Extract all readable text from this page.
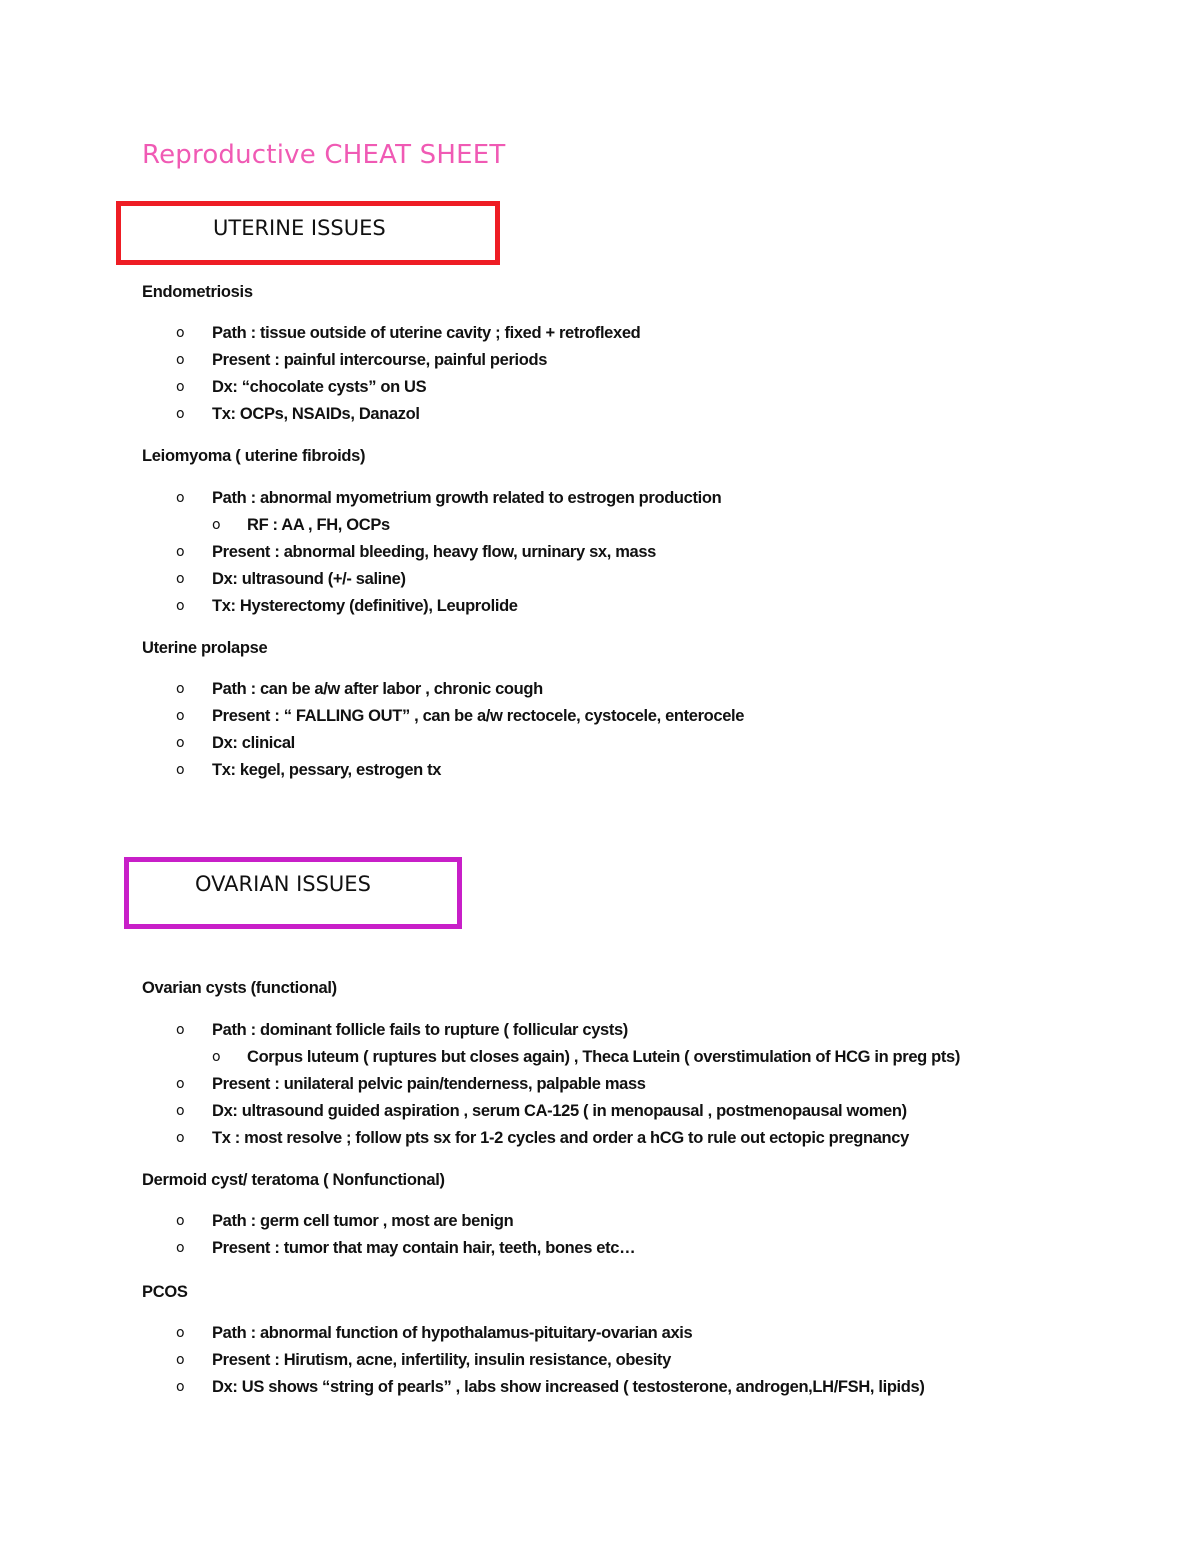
Reproductive CHEAT SHEET
UTERINE ISSUES
Endometriosis
o Path : tissue outside of uterine cavity ; fixed + retroflexed
o Present : painful intercourse, painful periods
o Dx: “chocolate cysts” on US
o Tx: OCPs, NSAIDs, Danazol
Leiomyoma ( uterine fibroids)
o Path : abnormal myometrium growth related to estrogen production
o RF : AA , FH, OCPs
o Present : abnormal bleeding, heavy flow, urninary sx, mass
o Dx: ultrasound (+/- saline)
o Tx: Hysterectomy (definitive), Leuprolide
Uterine prolapse
o Path : can be a/w after labor , chronic cough
o Present : “ FALLING OUT” , can be a/w rectocele, cystocele, enterocele
o Dx: clinical
o Tx: kegel, pessary, estrogen tx
OVARIAN ISSUES
Ovarian cysts (functional)
o Path : dominant follicle fails to rupture ( follicular cysts)
o Corpus luteum ( ruptures but closes again) , Theca Lutein ( overstimulation of HCG in preg pts)
o Present : unilateral pelvic pain/tenderness, palpable mass
o Dx: ultrasound guided aspiration , serum CA-125 ( in menopausal , postmenopausal women)
o Tx : most resolve ; follow pts sx for 1-2 cycles and order a hCG to rule out ectopic pregnancy
Dermoid cyst/ teratoma ( Nonfunctional)
o Path : germ cell tumor , most are benign
o Present : tumor that may contain hair, teeth, bones etc…
PCOS
o Path : abnormal function of hypothalamus-pituitary-ovarian axis
o Present : Hirutism, acne, infertility, insulin resistance, obesity
o Dx: US shows “string of pearls” , labs show increased ( testosterone, androgen,LH/FSH, lipids)
